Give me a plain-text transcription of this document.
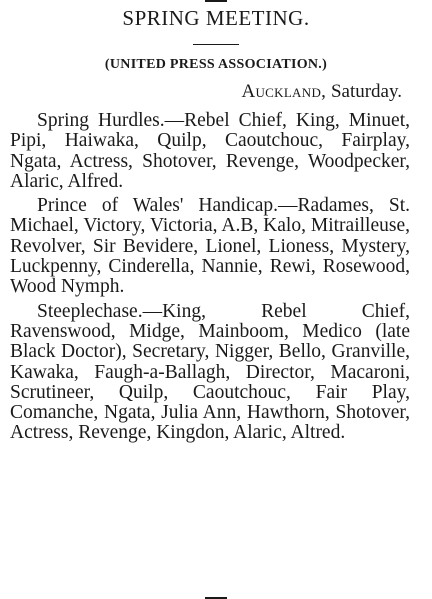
SPRING MEETING.
(UNITED PRESS ASSOCIATION.)
Auckland, Saturday.

Spring Hurdles.—Rebel Chief, King, Minuet, Pipi, Haiwaka, Quilp, Caoutchouc, Fairplay, Ngata, Actress, Shotover, Revenge, Woodpecker, Alaric, Alfred.

Prince of Wales' Handicap.—Radames, St. Michael, Victory, Victoria, A.B, Kalo, Mitrailleuse, Revolver, Sir Bevidere, Lionel, Lioness, Mystery, Luckpenny, Cinderella, Nannie, Rewi, Rosewood, Wood Nymph.

Steeplechase.—King, Rebel Chief, Ravenswood, Midge, Mainboom, Medico (late Black Doctor), Secretary, Nigger, Bello, Granville, Kawaka, Faugh-a-Ballagh, Director, Macaroni, Scrutineer, Quilp, Caoutchouc, Fair Play, Comanche, Ngata, Julia Ann, Hawthorn, Shotover, Actress, Revenge, Kingdon, Alaric, Altred.
